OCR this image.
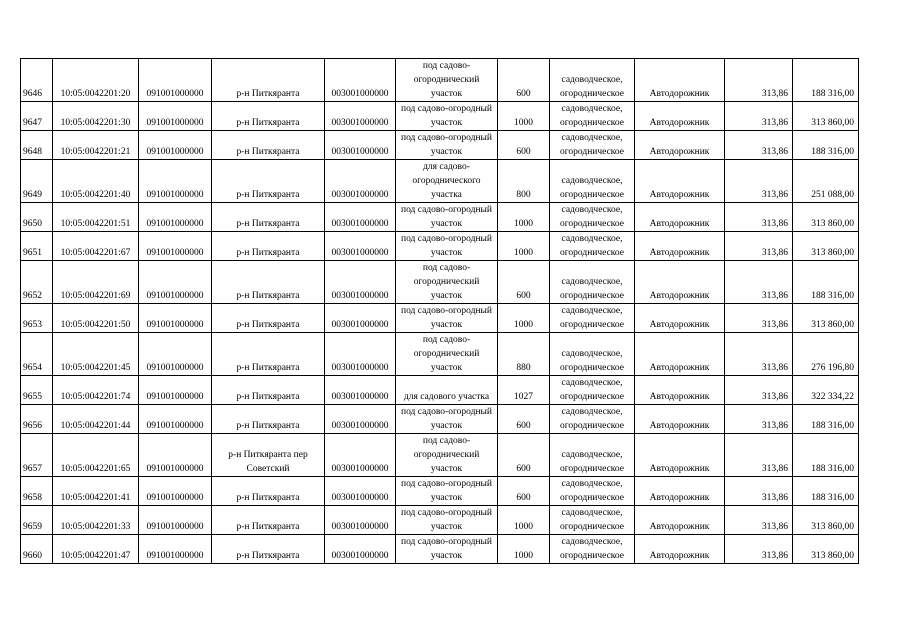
9646	10:05:0042201:20	091001000000	р-н Питкяранта	003001000000	под садово-огороднический участок	600	садоводческое, огородническое	Автодорожник	313,86	188 316,00
9647	10:05:0042201:30	091001000000	р-н Питкяранта	003001000000	под садово-огородный участок	1000	садоводческое, огородническое	Автодорожник	313,86	313 860,00
9648	10:05:0042201:21	091001000000	р-н Питкяранта	003001000000	под садово-огородный участок	600	садоводческое, огородническое	Автодорожник	313,86	188 316,00
9649	10:05:0042201:40	091001000000	р-н Питкяранта	003001000000	для садово-огороднического участка	800	садоводческое, огородническое	Автодорожник	313,86	251 088,00
9650	10:05:0042201:51	091001000000	р-н Питкяранта	003001000000	под садово-огородный участок	1000	садоводческое, огородническое	Автодорожник	313,86	313 860,00
9651	10:05:0042201:67	091001000000	р-н Питкяранта	003001000000	под садово-огородный участок	1000	садоводческое, огородническое	Автодорожник	313,86	313 860,00
9652	10:05:0042201:69	091001000000	р-н Питкяранта	003001000000	под садово-огороднический участок	600	садоводческое, огородническое	Автодорожник	313,86	188 316,00
9653	10:05:0042201:50	091001000000	р-н Питкяранта	003001000000	под садово-огородный участок	1000	садоводческое, огородническое	Автодорожник	313,86	313 860,00
9654	10:05:0042201:45	091001000000	р-н Питкяранта	003001000000	под садово-огороднический участок	880	садоводческое, огородническое	Автодорожник	313,86	276 196,80
9655	10:05:0042201:74	091001000000	р-н Питкяранта	003001000000	для садового участка	1027	садоводческое, огородническое	Автодорожник	313,86	322 334,22
9656	10:05:0042201:44	091001000000	р-н Питкяранта	003001000000	под садово-огородный участок	600	садоводческое, огородническое	Автодорожник	313,86	188 316,00
9657	10:05:0042201:65	091001000000	р-н Питкяранта пер Советский	003001000000	под садово-огороднический участок	600	садоводческое, огородническое	Автодорожник	313,86	188 316,00
9658	10:05:0042201:41	091001000000	р-н Питкяранта	003001000000	под садово-огородный участок	600	садоводческое, огородническое	Автодорожник	313,86	188 316,00
9659	10:05:0042201:33	091001000000	р-н Питкяранта	003001000000	под садово-огородный участок	1000	садоводческое, огородническое	Автодорожник	313,86	313 860,00
9660	10:05:0042201:47	091001000000	р-н Питкяранта	003001000000	под садово-огородный участок	1000	садоводческое, огородническое	Автодорожник	313,86	313 860,00
